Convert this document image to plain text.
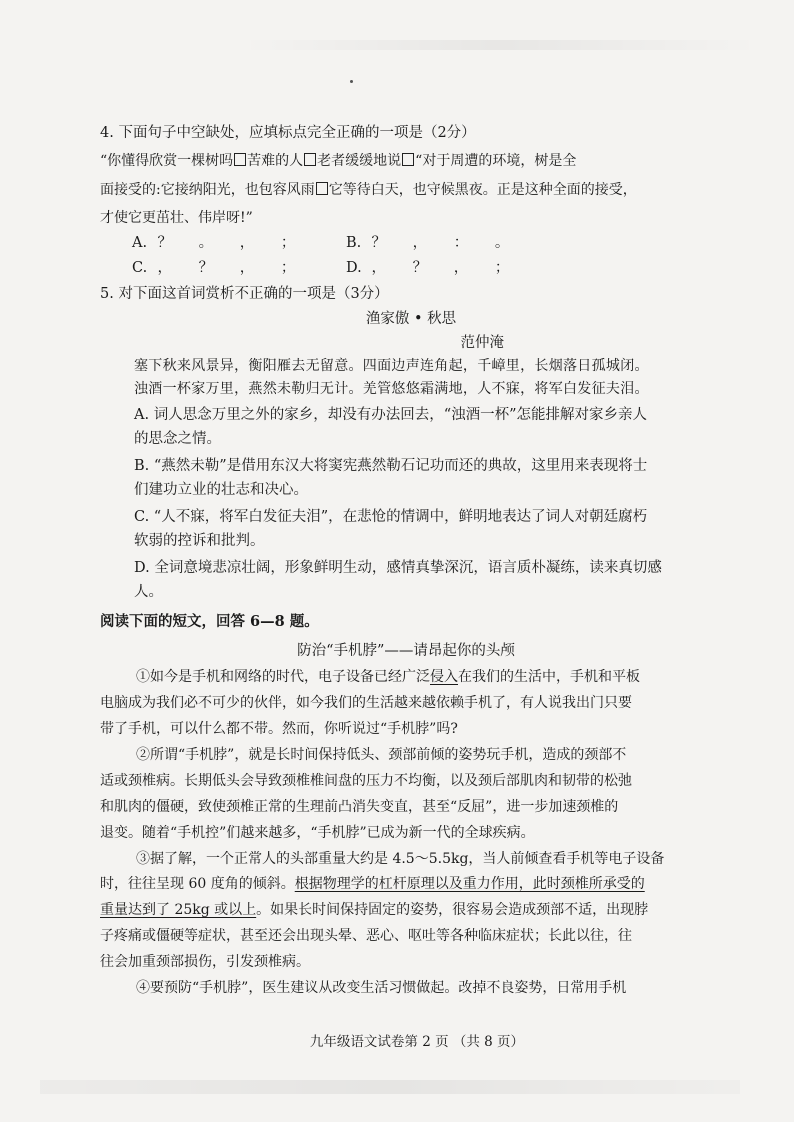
4. 下面句子中空缺处，应填标点完全正确的一项是（2分）

“你懂得欣赏一棵树吗 苦难的人 老者缓缓地说 “对于周遭的环境，树是全

面接受的:它接纳阳光，也包容风雨 它等待白天，也守候黑夜。正是这种全面的接受，

才使它更茁壮、伟岸呀!”

A. ？	。	，	；	B. ？	，	：	。
C. ，	？	，	；	D. ，	？	，	；

5. 对下面这首词赏析不正确的一项是（3分）

渔家傲 • 秋思

范仲淹

塞下秋来风景异，衡阳雁去无留意。四面边声连角起，千嶂里，长烟落日孤城闭。

浊酒一杯家万里，燕然未勒归无计。羌管悠悠霜满地，人不寐，将军白发征夫泪。

A. 词人思念万里之外的家乡，却没有办法回去，“浊酒一杯”怎能排解对家乡亲人
的思念之情。
B. “燕然未勒”是借用东汉大将窦宪燕然勒石记功而还的典故，这里用来表现将士
们建功立业的壮志和决心。
C. “人不寐，将军白发征夫泪”，在悲怆的情调中，鲜明地表达了词人对朝廷腐朽
软弱的控诉和批判。
D. 全词意境悲凉壮阔，形象鲜明生动，感情真挚深沉，语言质朴凝练，读来真切感
人。

阅读下面的短文，回答 6—8 题。

防治“手机脖”——请昂起你的头颅

①如今是手机和网络的时代，电子设备已经广泛侵入在我们的生活中，手机和平板

电脑成为我们必不可少的伙伴，如今我们的生活越来越依赖手机了，有人说我出门只要

带了手机，可以什么都不带。然而，你听说过“手机脖”吗?

②所谓“手机脖”，就是长时间保持低头、颈部前倾的姿势玩手机，造成的颈部不

适或颈椎病。长期低头会导致颈椎椎间盘的压力不均衡，以及颈后部肌肉和韧带的松弛

和肌肉的僵硬，致使颈椎正常的生理前凸消失变直，甚至“反屈”，进一步加速颈椎的

退变。随着“手机控”们越来越多，“手机脖”已成为新一代的全球疾病。

③据了解，一个正常人的头部重量大约是 4.5～5.5kg，当人前倾查看手机等电子设备

时，往往呈现 60 度角的倾斜。根据物理学的杠杆原理以及重力作用，此时颈椎所承受的

重量达到了 25kg 或以上。如果长时间保持固定的姿势，很容易会造成颈部不适，出现脖

子疼痛或僵硬等症状，甚至还会出现头晕、恶心、呕吐等各种临床症状；长此以往，往

往会加重颈部损伤，引发颈椎病。

④要预防“手机脖”，医生建议从改变生活习惯做起。改掉不良姿势，日常用手机

九年级语文试卷第 2 页 （共 8 页）
